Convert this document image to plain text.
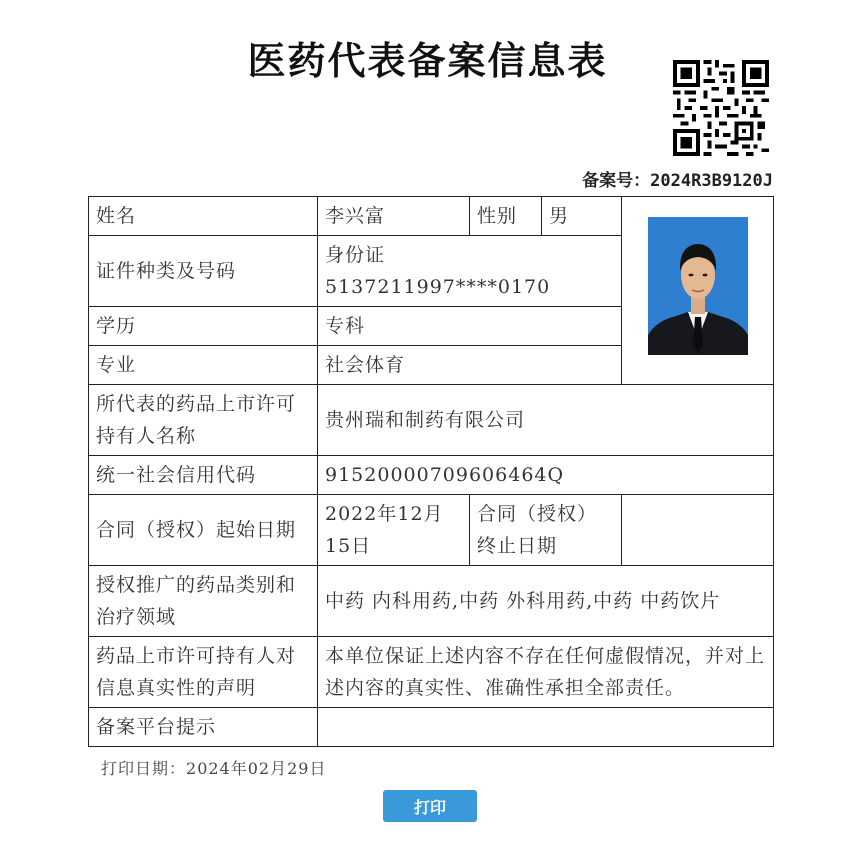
医药代表备案信息表
备案号：2024R3B9120J
姓名	李兴富	性别	男	
证件种类及号码	身份证 5137211997****0170			
学历	专科			
专业	社会体育			
所代表的药品上市许可持有人名称	贵州瑞和制药有限公司			
统一社会信用代码	91520000709606464Q			
合同（授权）起始日期	2022年12月15日	合同（授权）终止日期		
授权推广的药品类别和治疗领域	中药 内科用药,中药 外科用药,中药 中药饮片			
药品上市许可持有人对信息真实性的声明	本单位保证上述内容不存在任何虚假情况，并对上述内容的真实性、准确性承担全部责任。			
备案平台提示				
打印日期：2024年02月29日
打印
